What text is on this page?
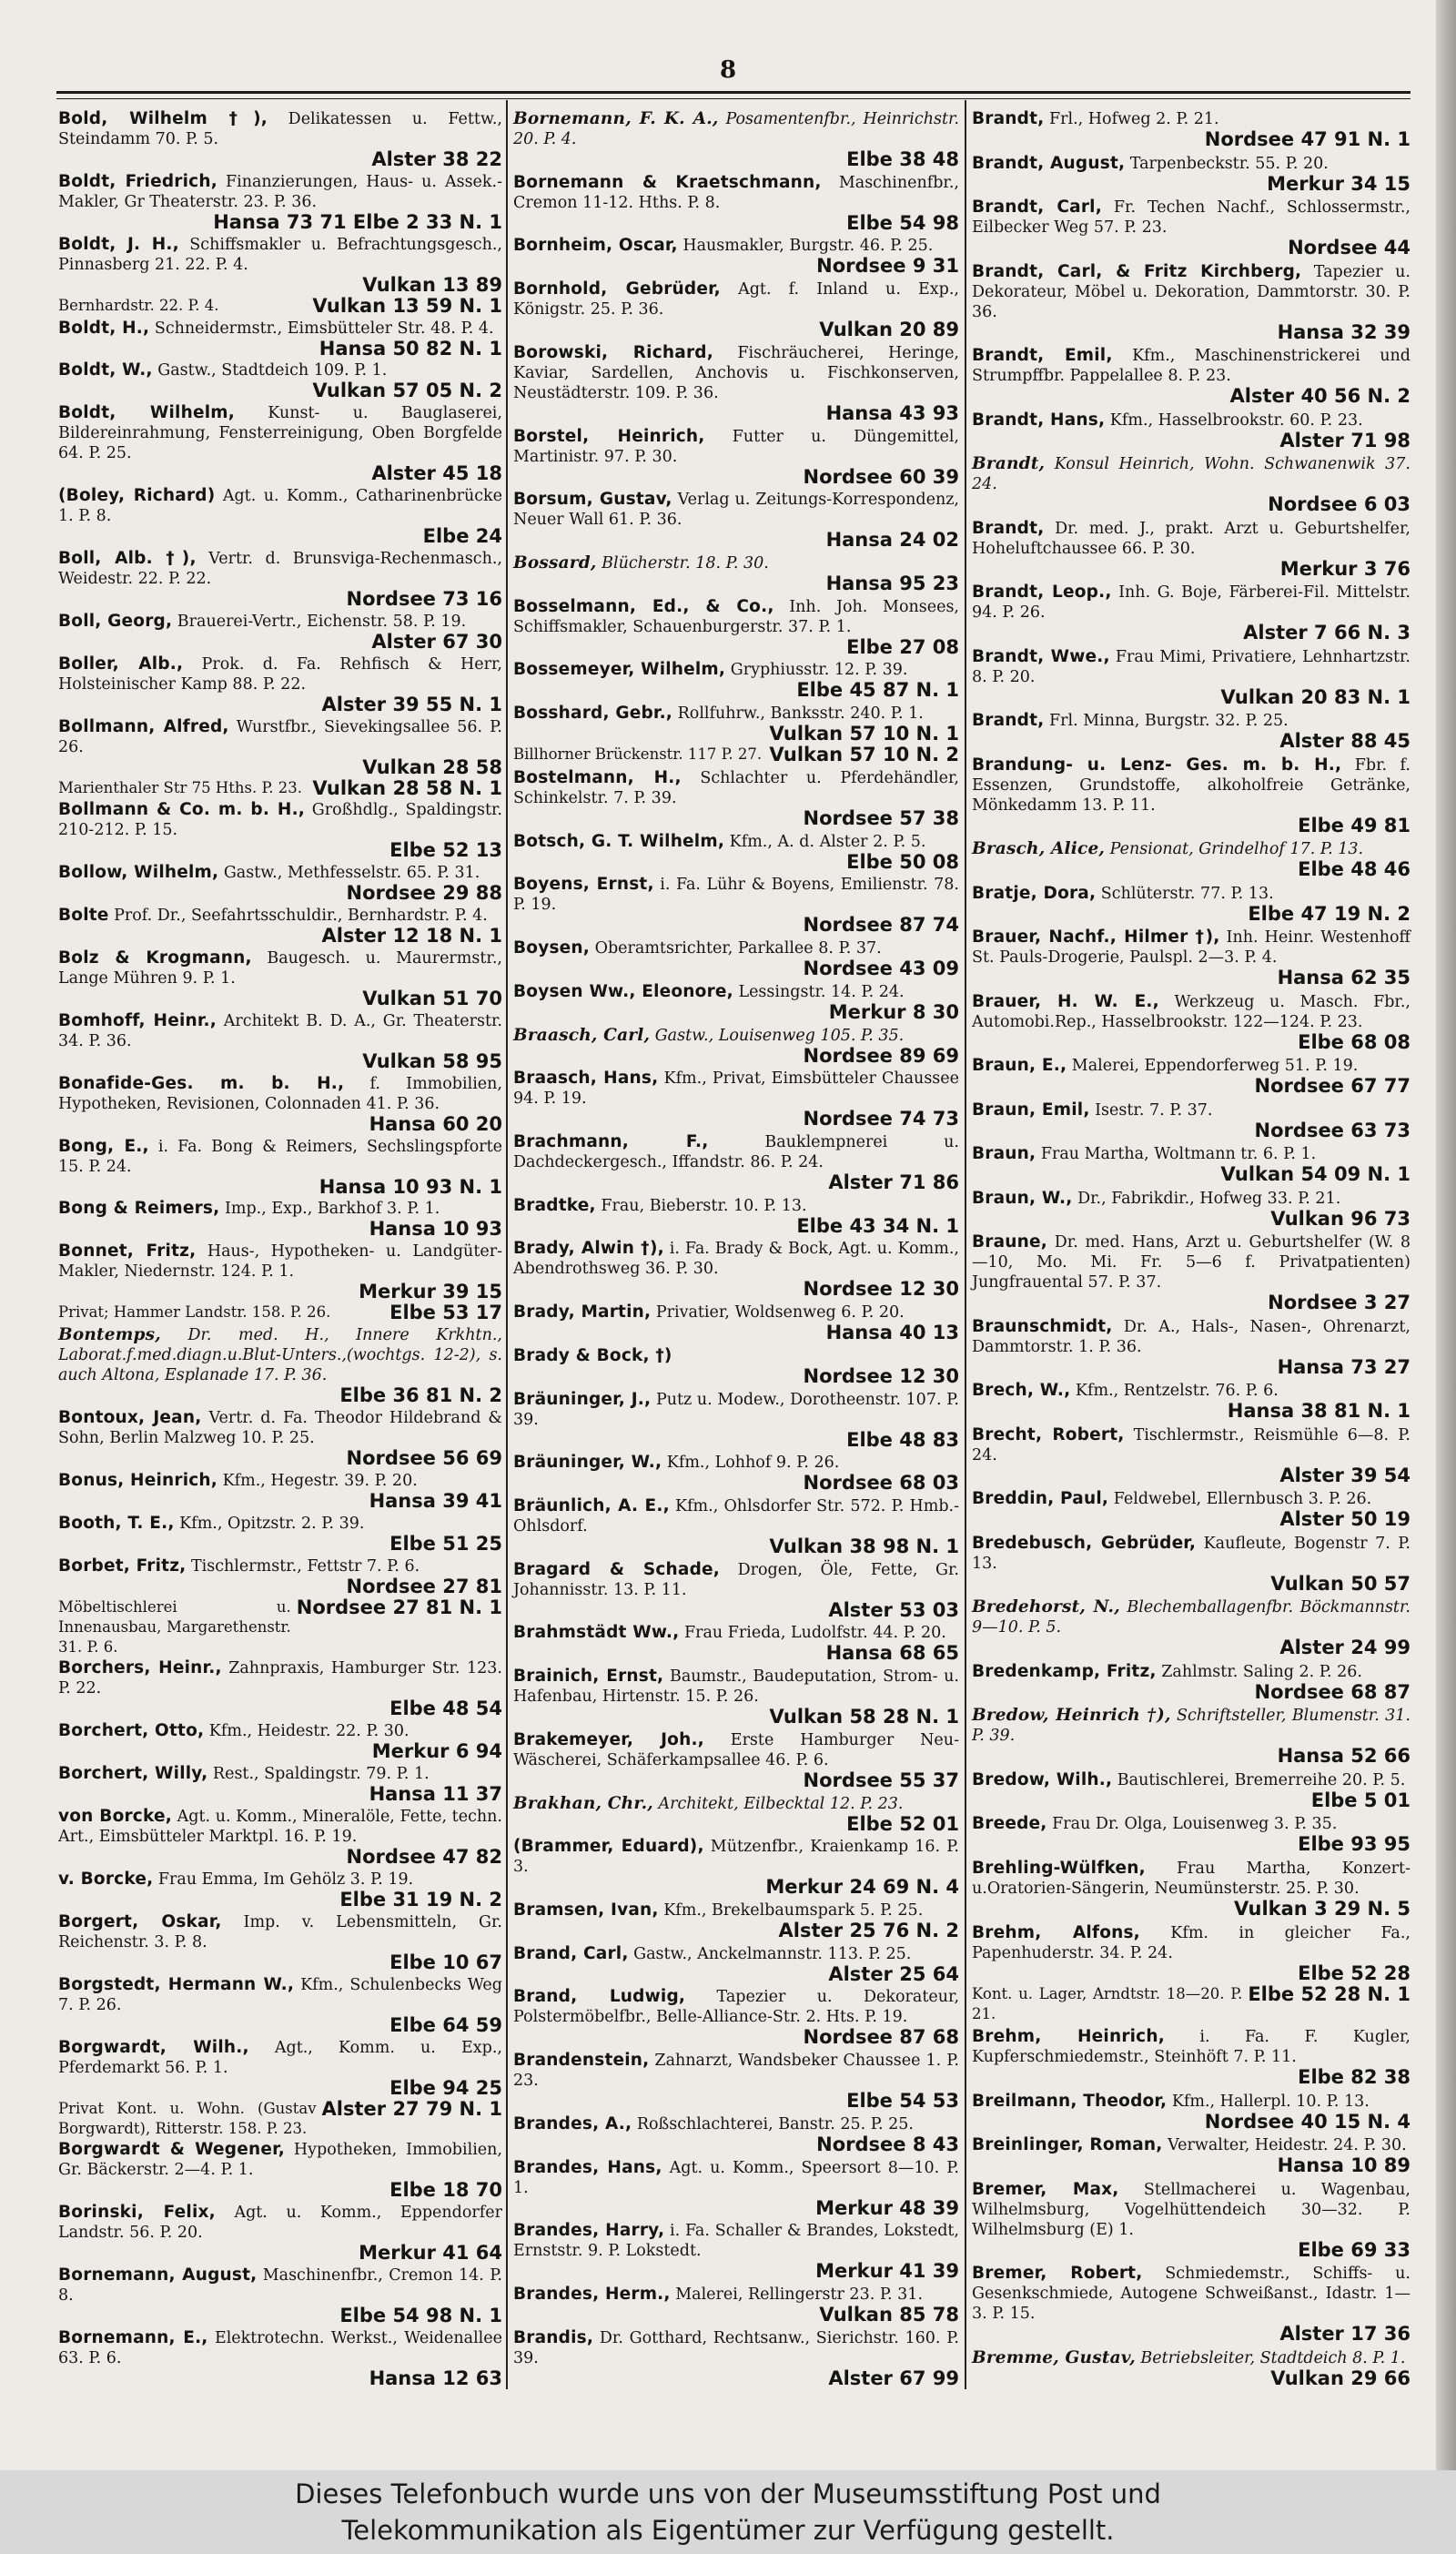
8
Bold, Wilhelm †), Delikatessen u. Fettw., Steindamm 70. P. 5.
Alster 38 22
Boldt, Friedrich, Finanzierungen, Haus- u. Assek.-Makler, Gr Theaterstr. 23. P. 36.
Hansa 73 71 Elbe 2 33 N. 1
Boldt, J. H., Schiffsmakler u. Befrachtungsgesch., Pinnasberg 21. 22. P. 4.
Vulkan 13 89
Vulkan 13 59 N. 1
Bernhardstr. 22. P. 4.
Boldt, H., Schneidermstr., Eimsbütteler Str. 48. P. 4.
Hansa 50 82 N. 1
Boldt, W., Gastw., Stadtdeich 109. P. 1.
Vulkan 57 05 N. 2
Boldt, Wilhelm, Kunst- u. Bauglaserei, Bildereinrahmung, Fensterreinigung, Oben Borgfelde 64. P. 25.
Alster 45 18
(Boley, Richard) Agt. u. Komm., Catharinenbrücke 1. P. 8.
Elbe 24
Boll, Alb. †), Vertr. d. Brunsviga-Rechenmasch., Weidestr. 22. P. 22.
Nordsee 73 16
Boll, Georg, Brauerei-Vertr., Eichenstr. 58. P. 19.
Alster 67 30
Boller, Alb., Prok. d. Fa. Rehfisch & Herr, Holsteinischer Kamp 88. P. 22.
Alster 39 55 N. 1
Bollmann, Alfred, Wurstfbr., Sievekingsallee 56. P. 26.
Vulkan 28 58
Vulkan 28 58 N. 1
Marienthaler Str 75 Hths. P. 23.
Bollmann & Co. m. b. H., Großhdlg., Spaldingstr. 210-212. P. 15.
Elbe 52 13
Bollow, Wilhelm, Gastw., Methfesselstr. 65. P. 31.
Nordsee 29 88
Bolte Prof. Dr., Seefahrtsschuldir., Bernhardstr. P. 4.
Alster 12 18 N. 1
Bolz & Krogmann, Baugesch. u. Maurermstr., Lange Mühren 9. P. 1.
Vulkan 51 70
Bomhoff, Heinr., Architekt B. D. A., Gr. Theaterstr. 34. P. 36.
Vulkan 58 95
Bonafide-Ges. m. b. H., f. Immobilien, Hypotheken, Revisionen, Colonnaden 41. P. 36.
Hansa 60 20
Bong, E., i. Fa. Bong & Reimers, Sechslingspforte 15. P. 24.
Hansa 10 93 N. 1
Bong & Reimers, Imp., Exp., Barkhof 3. P. 1.
Hansa 10 93
Bonnet, Fritz, Haus-, Hypotheken- u. Landgüter-Makler, Niedernstr. 124. P. 1.
Merkur 39 15
Elbe 53 17
Privat; Hammer Landstr. 158. P. 26.
Bontemps, Dr. med. H., Innere Krkhtn., Laborat.f.med.diagn.u.Blut-Unters.,(wochtgs. 12-2), s. auch Altona, Esplanade 17. P. 36.
Elbe 36 81 N. 2
Bontoux, Jean, Vertr. d. Fa. Theodor Hildebrand & Sohn, Berlin Malzweg 10. P. 25.
Nordsee 56 69
Bonus, Heinrich, Kfm., Hegestr. 39. P. 20.
Hansa 39 41
Booth, T. E., Kfm., Opitzstr. 2. P. 39.
Elbe 51 25
Borbet, Fritz, Tischlermstr., Fettstr 7. P. 6.
Nordsee 27 81
Nordsee 27 81 N. 1
Möbeltischlerei u. Innenausbau, Margarethenstr. 31. P. 6.
Borchers, Heinr., Zahnpraxis, Hamburger Str. 123. P. 22.
Elbe 48 54
Borchert, Otto, Kfm., Heidestr. 22. P. 30.
Merkur 6 94
Borchert, Willy, Rest., Spaldingstr. 79. P. 1.
Hansa 11 37
von Borcke, Agt. u. Komm., Mineralöle, Fette, techn. Art., Eimsbütteler Marktpl. 16. P. 19.
Nordsee 47 82
v. Borcke, Frau Emma, Im Gehölz 3. P. 19.
Elbe 31 19 N. 2
Borgert, Oskar, Imp. v. Lebensmitteln, Gr. Reichenstr. 3. P. 8.
Elbe 10 67
Borgstedt, Hermann W., Kfm., Schulenbecks Weg 7. P. 26.
Elbe 64 59
Borgwardt, Wilh., Agt., Komm. u. Exp., Pferdemarkt 56. P. 1.
Elbe 94 25
Alster 27 79 N. 1
Privat Kont. u. Wohn. (Gustav Borgwardt), Ritterstr. 158. P. 23.
Borgwardt & Wegener, Hypotheken, Immobilien, Gr. Bäckerstr. 2—4. P. 1.
Elbe 18 70
Borinski, Felix, Agt. u. Komm., Eppendorfer Landstr. 56. P. 20.
Merkur 41 64
Bornemann, August, Maschinenfbr., Cremon 14. P. 8.
Elbe 54 98 N. 1
Bornemann, E., Elektrotechn. Werkst., Weidenallee 63. P. 6.
Hansa 12 63
Bornemann, F. K. A., Posamentenfbr., Heinrichstr. 20. P. 4.
Elbe 38 48
Bornemann & Kraetschmann, Maschinenfbr., Cremon 11-12. Hths. P. 8.
Elbe 54 98
Bornheim, Oscar, Hausmakler, Burgstr. 46. P. 25.
Nordsee 9 31
Bornhold, Gebrüder, Agt. f. Inland u. Exp., Königstr. 25. P. 36.
Vulkan 20 89
Borowski, Richard, Fischräucherei, Heringe, Kaviar, Sardellen, Anchovis u. Fischkonserven, Neustädterstr. 109. P. 36.
Hansa 43 93
Borstel, Heinrich, Futter u. Düngemittel, Martinistr. 97. P. 30.
Nordsee 60 39
Borsum, Gustav, Verlag u. Zeitungs-Korrespondenz, Neuer Wall 61. P. 36.
Hansa 24 02
Bossard, Blücherstr. 18. P. 30.
Hansa 95 23
Bosselmann, Ed., & Co., Inh. Joh. Monsees, Schiffsmakler, Schauenburgerstr. 37. P. 1.
Elbe 27 08
Bossemeyer, Wilhelm, Gryphiusstr. 12. P. 39.
Elbe 45 87 N. 1
Bosshard, Gebr., Rollfuhrw., Banksstr. 240. P. 1.
Vulkan 57 10 N. 1
Vulkan 57 10 N. 2
Billhorner Brückenstr. 117 P. 27.
Bostelmann, H., Schlachter u. Pferdehändler, Schinkelstr. 7. P. 39.
Nordsee 57 38
Botsch, G. T. Wilhelm, Kfm., A. d. Alster 2. P. 5.
Elbe 50 08
Boyens, Ernst, i. Fa. Lühr & Boyens, Emilienstr. 78. P. 19.
Nordsee 87 74
Boysen, Oberamtsrichter, Parkallee 8. P. 37.
Nordsee 43 09
Boysen Ww., Eleonore, Lessingstr. 14. P. 24.
Merkur 8 30
Braasch, Carl, Gastw., Louisenweg 105. P. 35.
Nordsee 89 69
Braasch, Hans, Kfm., Privat, Eimsbütteler Chaussee 94. P. 19.
Nordsee 74 73
Brachmann, F.,	Bauklempnerei u. Dachdeckergesch., Iffandstr. 86. P. 24.
Alster 71 86
Bradtke, Frau, Bieberstr. 10. P. 13.
Elbe 43 34 N. 1
Brady, Alwin †), i. Fa. Brady & Bock, Agt. u. Komm., Abendrothsweg 36. P. 30.
Nordsee 12 30
Brady, Martin, Privatier, Woldsenweg 6. P. 20.
Hansa 40 13
Brady & Bock, †)
Nordsee 12 30
Bräuninger, J., Putz u. Modew., Dorotheenstr. 107. P. 39.
Elbe 48 83
Bräuninger, W., Kfm., Lohhof 9. P. 26.
Nordsee 68 03
Bräunlich, A. E., Kfm., Ohlsdorfer Str. 572. P. Hmb.-Ohlsdorf.
Vulkan 38 98 N. 1
Bragard & Schade, Drogen, Öle, Fette, Gr. Johannisstr. 13. P. 11.
Alster 53 03
Brahmstädt Ww., Frau Frieda, Ludolfstr. 44. P. 20.
Hansa 68 65
Brainich, Ernst, Baumstr., Baudeputation, Strom- u. Hafenbau, Hirtenstr. 15. P. 26.
Vulkan 58 28 N. 1
Brakemeyer, Joh., Erste Hamburger Neu-Wäscherei, Schäferkampsallee 46. P. 6.
Nordsee 55 37
Brakhan, Chr., Architekt, Eilbecktal 12. P. 23.
Elbe 52 01
(Brammer, Eduard), Mützenfbr., Kraienkamp 16. P. 3.
Merkur 24 69 N. 4
Bramsen, Ivan, Kfm., Brekelbaumspark 5. P. 25.
Alster 25 76 N. 2
Brand, Carl, Gastw., Anckelmannstr. 113. P. 25.
Alster 25 64
Brand, Ludwig, Tapezier u. Dekorateur, Polstermöbelfbr., Belle-Alliance-Str. 2. Hts. P. 19.
Nordsee 87 68
Brandenstein, Zahnarzt, Wandsbeker Chaussee 1. P. 23.
Elbe 54 53
Brandes, A., Roßschlachterei, Banstr. 25. P. 25.
Nordsee 8 43
Brandes, Hans, Agt. u. Komm., Speersort 8—10. P. 1.
Merkur 48 39
Brandes, Harry, i. Fa. Schaller & Brandes, Lokstedt, Ernststr. 9. P. Lokstedt.
Merkur 41 39
Brandes, Herm., Malerei, Rellingerstr 23. P. 31.
Vulkan 85 78
Brandis, Dr. Gotthard, Rechtsanw., Sierichstr. 160. P. 39.
Alster 67 99
Brandt, Frl., Hofweg 2. P. 21.
Nordsee 47 91 N. 1
Brandt, August, Tarpenbeckstr. 55. P. 20.
Merkur 34 15
Brandt, Carl, Fr. Techen Nachf., Schlossermstr., Eilbecker Weg 57. P. 23.
Nordsee 44
Brandt, Carl, & Fritz Kirchberg, Tapezier u. Dekorateur, Möbel u. Dekoration, Dammtorstr. 30. P. 36.
Hansa 32 39
Brandt, Emil, Kfm., Maschinenstrickerei und Strumpffbr. Pappelallee 8. P. 23.
Alster 40 56 N. 2
Brandt, Hans, Kfm., Hasselbrookstr. 60. P. 23.
Alster 71 98
Brandt, Konsul Heinrich, Wohn. Schwanenwik 37. 24.
Nordsee 6 03
Brandt, Dr. med. J., prakt. Arzt u. Geburtshelfer, Hoheluftchaussee 66. P. 30.
Merkur 3 76
Brandt, Leop., Inh. G. Boje, Färberei-Fil. Mittelstr. 94. P. 26.
Alster 7 66 N. 3
Brandt, Wwe., Frau Mimi, Privatiere, Lehnhartzstr. 8. P. 20.
Vulkan 20 83 N. 1
Brandt, Frl. Minna, Burgstr. 32. P. 25.
Alster 88 45
Brandung- u. Lenz- Ges. m. b. H., Fbr. f. Essenzen, Grundstoffe, alkoholfreie Getränke, Mönkedamm 13. P. 11.
Elbe 49 81
Brasch, Alice, Pensionat, Grindelhof 17. P. 13.
Elbe 48 46
Bratje, Dora, Schlüterstr. 77. P. 13.
Elbe 47 19 N. 2
Brauer, Nachf., Hilmer †), Inh. Heinr. Westenhoff St. Pauls-Drogerie, Paulspl. 2—3. P. 4.
Hansa 62 35
Brauer, H. W. E., Werkzeug u. Masch. Fbr., Automobi.Rep., Hasselbrookstr. 122—124. P. 23.
Elbe 68 08
Braun, E., Malerei, Eppendorferweg 51. P. 19.
Nordsee 67 77
Braun, Emil, Isestr. 7. P. 37.
Nordsee 63 73
Braun, Frau Martha, Woltmann tr. 6. P. 1.
Vulkan 54 09 N. 1
Braun, W., Dr., Fabrikdir., Hofweg 33. P. 21.
Vulkan 96 73
Braune, Dr. med. Hans, Arzt u. Geburtshelfer (W. 8—10, Mo. Mi. Fr. 5—6 f. Privatpatienten) Jungfrauental 57. P. 37.
Nordsee 3 27
Braunschmidt, Dr. A., Hals-, Nasen-, Ohrenarzt, Dammtorstr. 1. P. 36.
Hansa 73 27
Brech, W., Kfm., Rentzelstr. 76. P. 6.
Hansa 38 81 N. 1
Brecht, Robert, Tischlermstr., Reismühle 6—8. P. 24.
Alster 39 54
Breddin, Paul, Feldwebel, Ellernbusch 3. P. 26.
Alster 50 19
Bredebusch, Gebrüder, Kaufleute, Bogenstr 7. P. 13.
Vulkan 50 57
Bredehorst, N., Blechemballagenfbr. Böckmannstr. 9—10. P. 5.
Alster 24 99
Bredenkamp, Fritz, Zahlmstr. Saling 2. P. 26.
Nordsee 68 87
Bredow, Heinrich †), Schriftsteller, Blumenstr. 31. P. 39.
Hansa 52 66
Bredow, Wilh., Bautischlerei, Bremerreihe 20. P. 5.
Elbe 5 01
Breede, Frau Dr. Olga, Louisenweg 3. P. 35.
Elbe 93 95
Brehling-Wülfken, Frau Martha, Konzert-u.Oratorien-Sängerin, Neumünsterstr. 25. P. 30.
Vulkan 3 29 N. 5
Brehm, Alfons, Kfm. in gleicher Fa., Papenhuderstr. 34. P. 24.
Elbe 52 28
Elbe 52 28 N. 1
Kont. u. Lager, Arndtstr. 18—20. P. 21.
Brehm, Heinrich, i. Fa. F. Kugler, Kupferschmiedemstr., Steinhöft 7. P. 11.
Elbe 82 38
Breilmann, Theodor, Kfm., Hallerpl. 10. P. 13.
Nordsee 40 15 N. 4
Breinlinger, Roman, Verwalter, Heidestr. 24. P. 30.
Hansa 10 89
Bremer, Max, Stellmacherei u. Wagenbau, Wilhelmsburg, Vogelhüttendeich 30—32. P. Wilhelmsburg (E) 1.
Elbe 69 33
Bremer, Robert, Schmiedemstr., Schiffs- u. Gesenkschmiede, Autogene Schweißanst., Idastr. 1—3. P. 15.
Alster 17 36
Bremme, Gustav, Betriebsleiter, Stadtdeich 8. P. 1.
Vulkan 29 66
Dieses Telefonbuch wurde uns von der Museumsstiftung Post und
Telekommunikation als Eigentümer zur Verfügung gestellt.
